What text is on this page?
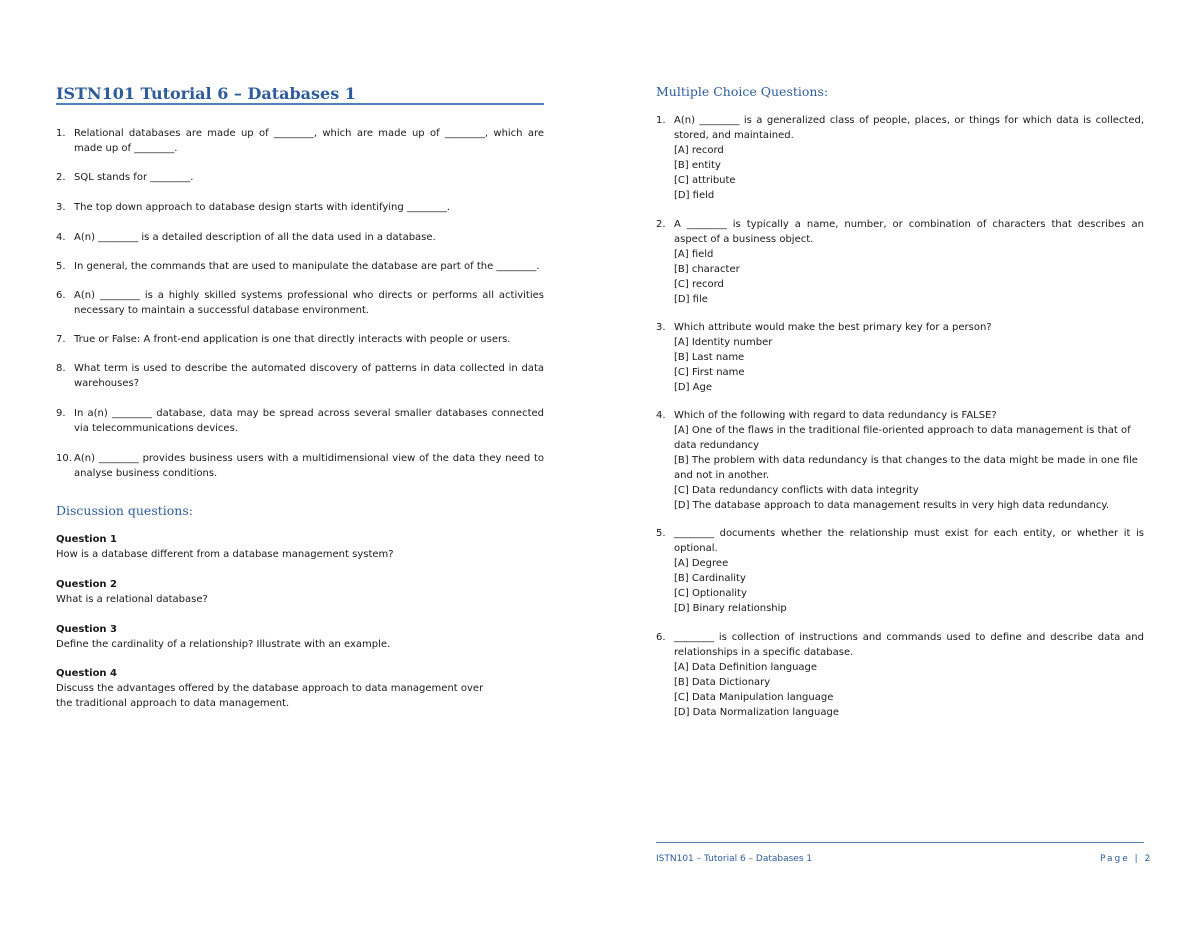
ISTN101 Tutorial 6 – Databases 1
1. Relational databases are made up of ________, which are made up of ________, which are made up of ________.
2. SQL stands for ________.
3. The top down approach to database design starts with identifying ________.
4. A(n) ________ is a detailed description of all the data used in a database.
5. In general, the commands that are used to manipulate the database are part of the ________.
6. A(n) ________ is a highly skilled systems professional who directs or performs all activities necessary to maintain a successful database environment.
7. True or False: A front-end application is one that directly interacts with people or users.
8. What term is used to describe the automated discovery of patterns in data collected in data warehouses?
9. In a(n) ________ database, data may be spread across several smaller databases connected via telecommunications devices.
10. A(n) ________ provides business users with a multidimensional view of the data they need to analyse business conditions.
Discussion questions:
Question 1
How is a database different from a database management system?
Question 2
What is a relational database?
Question 3
Define the cardinality of a relationship? Illustrate with an example.
Question 4
Discuss the advantages offered by the database approach to data management over the traditional approach to data management.
Multiple Choice Questions:
1. A(n) ________ is a generalized class of people, places, or things for which data is collected, stored, and maintained.
[A] record
[B] entity
[C] attribute
[D] field
2. A ________ is typically a name, number, or combination of characters that describes an aspect of a business object.
[A] field
[B] character
[C] record
[D] file
3. Which attribute would make the best primary key for a person?
[A] Identity number
[B] Last name
[C] First name
[D] Age
4. Which of the following with regard to data redundancy is FALSE?
[A] One of the flaws in the traditional file-oriented approach to data management is that of data redundancy
[B] The problem with data redundancy is that changes to the data might be made in one file and not in another.
[C] Data redundancy conflicts with data integrity
[D] The database approach to data management results in very high data redundancy.
5. ________ documents whether the relationship must exist for each entity, or whether it is optional.
[A] Degree
[B] Cardinality
[C] Optionality
[D] Binary relationship
6. ________ is collection of instructions and commands used to define and describe data and relationships in a specific database.
[A] Data Definition language
[B] Data Dictionary
[C] Data Manipulation language
[D] Data Normalization language
ISTN101 – Tutorial 6 – Databases 1	Page | 2
